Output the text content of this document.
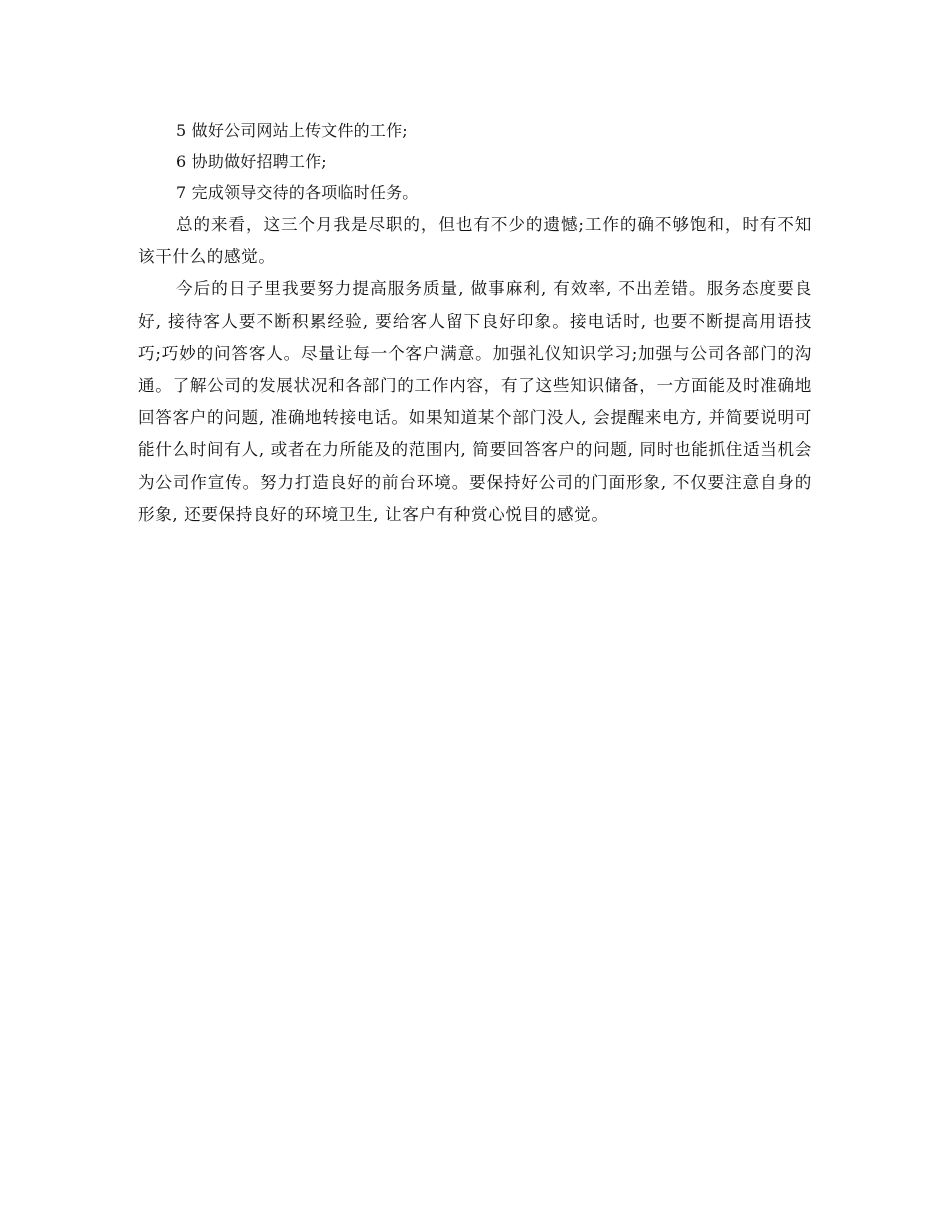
5 做好公司网站上传文件的工作;

6 协助做好招聘工作;

7 完成领导交待的各项临时任务。

总的来看，这三个月我是尽职的，但也有不少的遗憾;工作的确不够饱和，时有不知该干什么的感觉。

今后的日子里我要努力提高服务质量, 做事麻利, 有效率, 不出差错。服务态度要良好, 接待客人要不断积累经验, 要给客人留下良好印象。接电话时, 也要不断提高用语技巧;巧妙的问答客人。尽量让每一个客户满意。加强礼仪知识学习;加强与公司各部门的沟通。了解公司的发展状况和各部门的工作内容，有了这些知识储备，一方面能及时准确地回答客户的问题, 准确地转接电话。如果知道某个部门没人, 会提醒来电方, 并简要说明可能什么时间有人, 或者在力所能及的范围内, 简要回答客户的问题, 同时也能抓住适当机会为公司作宣传。努力打造良好的前台环境。要保持好公司的门面形象, 不仅要注意自身的形象, 还要保持良好的环境卫生, 让客户有种赏心悦目的感觉。
